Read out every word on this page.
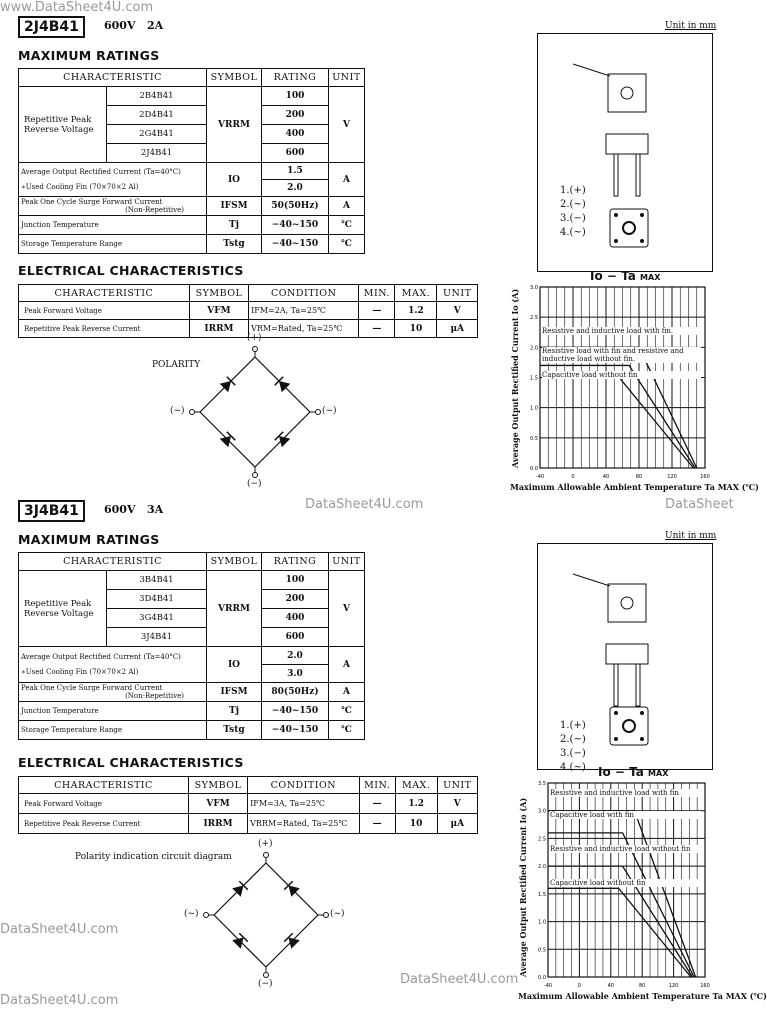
www.DataSheet4U.com
DataSheet4U.com	DataSheet
DataSheet4U.com
DataSheet4U.com
DataSheet4U.com
2J4B41	600V   2A
MAXIMUM RATINGS
CHARACTERISTIC		SYMBOL	RATING	UNIT
Repetitive Peak Reverse Voltage	2B4B41	VRRM	100	V
	2D4B41		200	
	2G4B41		400	
	2J4B41		600	

Average Output Rectified Current (Ta=40°C)
∗Used Cooling Fin (70×70×2 Al)		IO	1.5	A
			2.0	

Peak One Cycle Surge Forward Current
(Non-Repetitive)		IFSM	50(50Hz)	A

Junction Temperature		Tj	−40~150	℃

Storage Temperature Range		Tstg	−40~150	℃
ELECTRICAL CHARACTERISTICS
CHARACTERISTIC	SYMBOL	CONDITION	MIN.	MAX.	UNIT
Peak Forward Voltage	VFM	IFM=2A, Ta=25℃	—	1.2	V
Repetitive Peak Reverse Current	IRRM	VRM=Rated, Ta=25℃	—	10	μA
POLARITY
(+)
(−)
(~)	(~)
Unit in mm
1.(+)
2.(~)
3.(−)
4.(~)
Io − Ta MAX
-40	0	40	80	120	160
0.0
0.5
1.0
1.5
2.0
2.5
3.0
Resistive and inductive load with fin.
Resistive load with fin and resistive and inductive load without fin.
Capacitive load without fin
Average Output Rectified Current Io (A)
Maximum Allowable Ambient Temperature Ta MAX (℃)
3J4B41	600V   3A
MAXIMUM RATINGS
CHARACTERISTIC		SYMBOL	RATING	UNIT
Repetitive Peak Reverse Voltage	3B4B41	VRRM	100	V
	3D4B41		200	
	3G4B41		400	
	3J4B41		600	

Average Output Rectified Current (Ta=40°C)
∗Used Cooling Fin (70×70×2 Al)		IO	2.0	A
			3.0	

Peak One Cycle Surge Forward Current
(Non-Repetitive)		IFSM	80(50Hz)	A

Junction Temperature		Tj	−40~150	℃

Storage Temperature Range		Tstg	−40~150	℃
ELECTRICAL CHARACTERISTICS
CHARACTERISTIC	SYMBOL	CONDITION	MIN.	MAX.	UNIT
Peak Forward Voltage	VFM	IFM=3A, Ta=25℃	—	1.2	V
Repetitive Peak Reverse Current	IRRM	VRRM=Rated, Ta=25℃	—	10	μA
Polarity indication circuit diagram
(+)
(−)
(~)	(~)
Unit in mm
1.(+)
2.(~)
3.(−)
4.(~) Io − Ta MAX
-40	0	40	80	120	160
0.0
0.5
1.0
1.5
2.0
2.5
3.0
3.5
Resistive and inductive load with fin
Capacitive load with fin
Resistive and inductive load without fin
Capacitive load without fin
Average Output Rectified Current Io (A)
Maximum Allowable Ambient Temperature Ta MAX (℃)
